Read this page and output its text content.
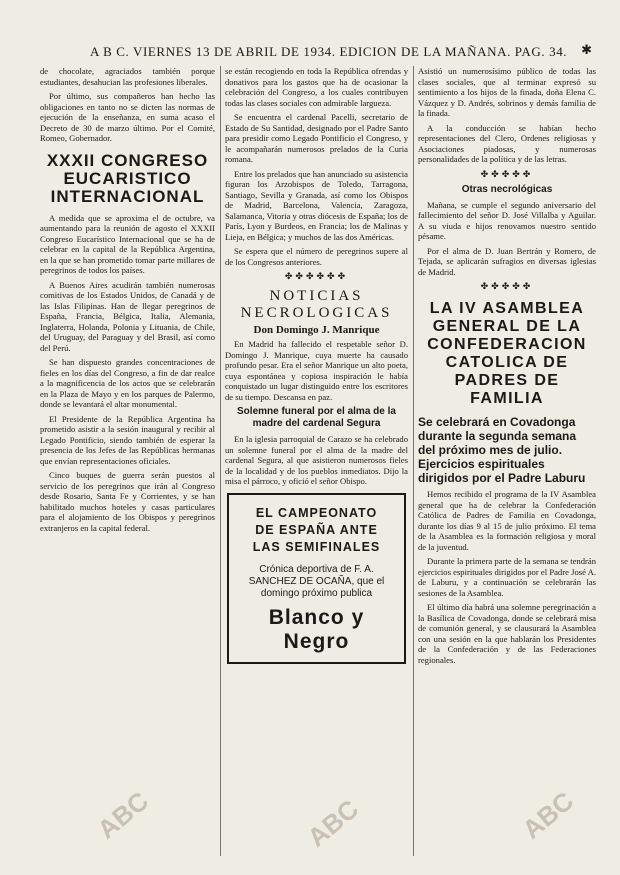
A B C. VIERNES 13 DE ABRIL DE 1934. EDICION DE LA MAÑANA. PAG. 34. ✱

de chocolate, agraciados también porque estudiantes, desahucian las profesiones liberales.

Por último, sus compañeros han hecho las obligaciones en tanto no se dicten las normas de ejecución de la enseñanza, en suma acaso el Decreto de 30 de marzo último. Por el Comité, Romeo, Gobernador.

XXXII CONGRESO EUCARISTICO INTERNACIONAL

A medida que se aproxima el de octubre, va aumentando para la reunión de agosto el XXXII Congreso Eucarístico Internacional que se ha de celebrar en la capital de la República Argentina, en la que se han prometido tomar parte millares de peregrinos de todos los países.

A Buenos Aires acudirán también numerosas comitivas de los Estados Unidos, de Canadá y de las Islas Filipinas. Han de llegar peregrinos de España, Francia, Bélgica, Italia, Alemania, Inglaterra, Holanda, Polonia y Lituania, de Chile, del Uruguay, del Paraguay y del Brasil, así como del Perú.

Se han dispuesto grandes concentraciones de fieles en los días del Congreso, a fin de dar realce a la magnificencia de los actos que se celebrarán en la Plaza de Mayo y en los parques de Palermo, donde se levantará el altar monumental.

El Presidente de la República Argentina ha prometido asistir a la sesión inaugural y recibir al Legado Pontificio, siendo también de esperar la presencia de los Jefes de las Repúblicas hermanas que envían representaciones oficiales.

Cinco buques de guerra serán puestos al servicio de los peregrinos que irán al Congreso desde Rosario, Santa Fe y Corrientes, y se han habilitado muchos hoteles y casas particulares para el alojamiento de los Obispos y peregrinos extranjeros en la capital federal.

se están recogiendo en toda la República ofrendas y donativos para los gastos que ha de ocasionar la celebración del Congreso, a los cuales contribuyen todas las clases sociales con admirable largueza.

Se encuentra el cardenal Pacelli, secretario de Estado de Su Santidad, designado por el Padre Santo para presidir como Legado Pontificio el Congreso, y le acompañarán numerosos prelados de la Curia romana.

Entre los prelados que han anunciado su asistencia figuran los Arzobispos de Toledo, Tarragona, Santiago, Sevilla y Granada, así como los Obispos de Madrid, Barcelona, Valencia, Zaragoza, Salamanca, Vitoria y otras diócesis de España; los de París, Lyon y Burdeos, en Francia; los de Malinas y Lieja, en Bélgica; y muchos de las dos Américas.

Se espera que el número de peregrinos supere al de los Congresos anteriores.

✤✤✤✤✤✤
NOTICIAS NECROLOGICAS
Don Domingo J. Manrique

En Madrid ha fallecido el respetable señor D. Domingo J. Manrique, cuya muerte ha causado profundo pesar. Era el señor Manrique un alto poeta, cuya espontánea y copiosa inspiración le había conquistado un lugar distinguido entre los escritores de su tiempo. Descansa en paz.

Solemne funeral por el alma de la madre del cardenal Segura

En la iglesia parroquial de Carazo se ha celebrado un solemne funeral por el alma de la madre del cardenal Segura, al que asistieron numerosos fieles de la localidad y de los pueblos inmediatos. Dijo la misa el párroco, y ofició el señor Obispo.

EL CAMPEONATO
DE ESPAÑA ANTE
LAS SEMIFINALES
Crónica deportiva de F. A. SANCHEZ DE OCAÑA, que el domingo próximo publica
Blanco y Negro

Asistió un numerosísimo público de todas las clases sociales, que al terminar expresó su sentimiento a los hijos de la finada, doña Elena C. Vázquez y D. Andrés, sobrinos y demás familia de la finada.

A la conducción se habían hecho representaciones del Clero, Ordenes religiosas y Asociaciones piadosas, y numerosas personalidades de la política y de las letras.

✤✤✤✤✤
Otras necrológicas

Mañana, se cumple el segundo aniversario del fallecimiento del señor D. José Villalba y Aguilar. A su viuda e hijos renovamos nuestro sentido pésame.

Por el alma de D. Juan Bertrán y Romero, de Tejada, se aplicarán sufragios en diversas iglesias de Madrid.

✤✤✤✤✤
LA IV ASAMBLEA GENERAL DE LA CONFEDERACION CATOLICA DE PADRES DE FAMILIA
Se celebrará en Covadonga durante la segunda semana del próximo mes de julio. Ejercicios espirituales dirigidos por el Padre Laburu

Hemos recibido el programa de la IV Asamblea general que ha de celebrar la Confederación Católica de Padres de Familia en Covadonga, durante los días 9 al 15 de julio próximo. El tema de la Asamblea es la formación religiosa y moral de la juventud.

Durante la primera parte de la semana se tendrán ejercicios espirituales dirigidos por el Padre José A. de Laburu, y a continuación se celebrarán las sesiones de la Asamblea.

El último día habrá una solemne peregrinación a la Basílica de Covadonga, donde se celebrará misa de comunión general, y se clausurará la Asamblea con una sesión en la que hablarán los Presidentes de la Confederación y de las Federaciones regionales.

ABC	ABC	ABC
